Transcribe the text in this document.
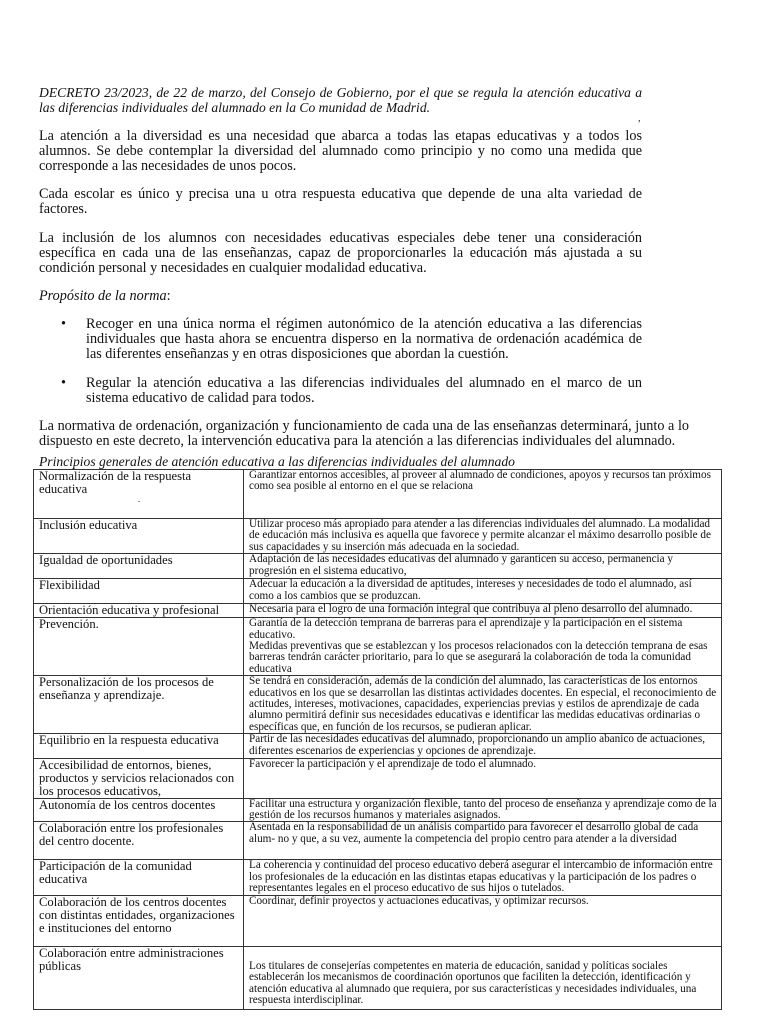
,

DECRETO 23/2023, de 22 de marzo, del Consejo de Gobierno, por el que se regula la atención educativa a las diferencias individuales del alumnado en la Co munidad de Madrid.

La atención a la diversidad es una necesidad que abarca a todas las etapas educativas y a todos los alumnos. Se debe contemplar la diversidad del alumnado como principio y no como una medida que corresponde a las necesidades de unos pocos.

Cada escolar es único y precisa una u otra respuesta educativa que depende de una alta variedad de factores.

La inclusión de los alumnos con necesidades educativas especiales debe tener una consideración específica en cada una de las enseñanzas, capaz de proporcionarles la educación más ajustada a su condición personal y necesidades en cualquier modalidad educativa.

Propósito de la norma:

• Recoger en una única norma el régimen autonómico de la atención educativa a las diferencias individuales que hasta ahora se encuentra disperso en la normativa de ordenación académica de las diferentes enseñanzas y en otras disposiciones que abordan la cuestión.
• Regular la atención educativa a las diferencias individuales del alumnado en el marco de un sistema educativo de calidad para todos.

La normativa de ordenación, organización y funcionamiento de cada una de las enseñanzas determinará, junto a lo dispuesto en este decreto, la intervención educativa para la atención a las diferencias individuales del alumnado.

Principios generales de atención educativa a las diferencias individuales del alumnado

Normalización de la respuesta educativa
.	Garantizar entornos accesibles, al proveer al alumnado de condiciones, apoyos y recursos tan próximos como sea posible al entorno en el que se relaciona
Inclusión educativa	Utilizar proceso más apropiado para atender a las diferencias individuales del alumnado. La modalidad de educación más inclusiva es aquella que favorece y permite alcanzar el máximo desarrollo posible de sus capacidades y su inserción más adecuada en la sociedad.
Igualdad de oportunidades	Adaptación de las necesidades educativas del alumnado y garanticen su acceso, permanencia y progresión en el sistema educativo,
Flexibilidad	Adecuar la educación a la diversidad de aptitudes, intereses y necesidades de todo el alumnado, así como a los cambios que se produzcan.
Orientación educativa y profesional	Necesaria para el logro de una formación integral que contribuya al pleno desarrollo del alumnado.
Prevención.	Garantía de la detección temprana de barreras para el aprendizaje y la participación en el sistema educativo.
Medidas preventivas que se establezcan y los procesos relacionados con la detección temprana de esas barreras tendrán carácter prioritario, para lo que se asegurará la colaboración de toda la comunidad educativa
Personalización de los procesos de enseñanza y aprendizaje.	Se tendrá en consideración, además de la condición del alumnado, las características de los entornos educativos en los que se desarrollan las distintas actividades docentes. En especial, el reconocimiento de actitudes, intereses, motivaciones, capacidades, experiencias previas y estilos de aprendizaje de cada alumno permitirá definir sus necesidades educativas e identificar las medidas educativas ordinarias o específicas que, en función de los recursos, se pudieran aplicar.
Equilibrio en la respuesta educativa	Partir de las necesidades educativas del alumnado, proporcionando un amplio abanico de actuaciones, diferentes escenarios de experiencias y opciones de aprendizaje.
Accesibilidad de entornos, bienes, productos y servicios relacionados con los procesos educativos,	Favorecer la participación y el aprendizaje de todo el alumnado.
Autonomía de los centros docentes	Facilitar una estructura y organización flexible, tanto del proceso de enseñanza y aprendizaje como de la gestión de los recursos humanos y materiales asignados.
Colaboración entre los profesionales del centro docente.	Asentada en la responsabilidad de un análisis compartido para favorecer el desarrollo global de cada alum- no y que, a su vez, aumente la competencia del propio centro para atender a la diversidad
Participación de la comunidad educativa	La coherencia y continuidad del proceso educativo deberá asegurar el intercambio de información entre los profesionales de la educación en las distintas etapas educativas y la participación de los padres o representantes legales en el proceso educativo de sus hijos o tutelados.
Colaboración de los centros docentes con distintas entidades, organizaciones e instituciones del entorno	Coordinar, definir proyectos y actuaciones educativas, y optimizar recursos.
Colaboración entre administraciones públicas	Los titulares de consejerías competentes en materia de educación, sanidad y políticas sociales establecerán los mecanismos de coordinación oportunos que faciliten la detección, identificación y atención educativa al alumnado que requiera, por sus características y necesidades individuales, una respuesta interdisciplinar.
